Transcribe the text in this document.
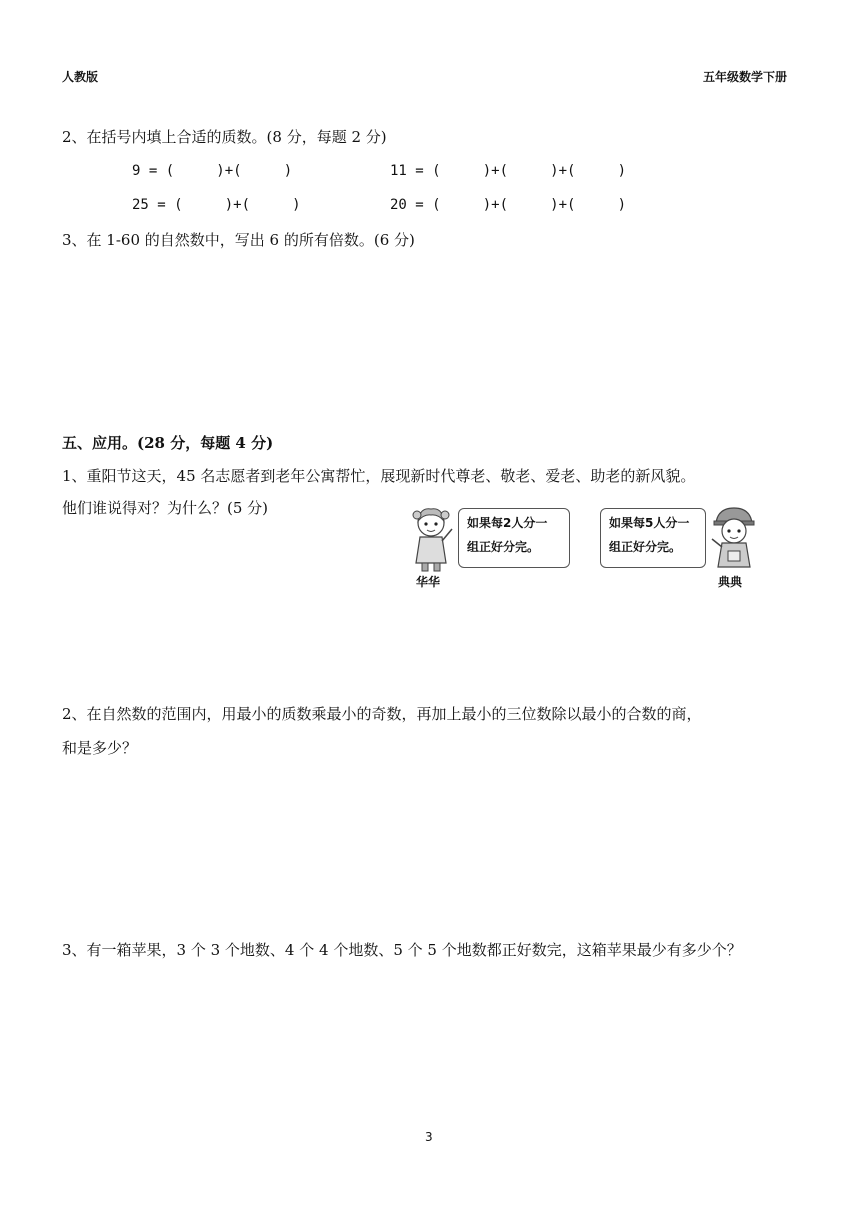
人教版	五年级数学下册
2、在括号内填上合适的质数。(8 分，每题 2 分)
9 = (     )+(     )	11 = (     )+(     )+(     )
25 = (     )+(     )	20 = (     )+(     )+(     )
3、在 1-60 的自然数中，写出 6 的所有倍数。(6 分)
五、应用。(28 分，每题 4 分)
1、重阳节这天，45 名志愿者到老年公寓帮忙，展现新时代尊老、敬老、爱老、助老的新风貌。
他们谁说得对？为什么？(5 分)
如果每2人分一
组正好分完。
华华
如果每5人分一
组正好分完。
典典
2、在自然数的范围内，用最小的质数乘最小的奇数，再加上最小的三位数除以最小的合数的商，
和是多少？
3、有一箱苹果，3 个 3 个地数、4 个 4 个地数、5 个 5 个地数都正好数完，这箱苹果最少有多少个？
3
